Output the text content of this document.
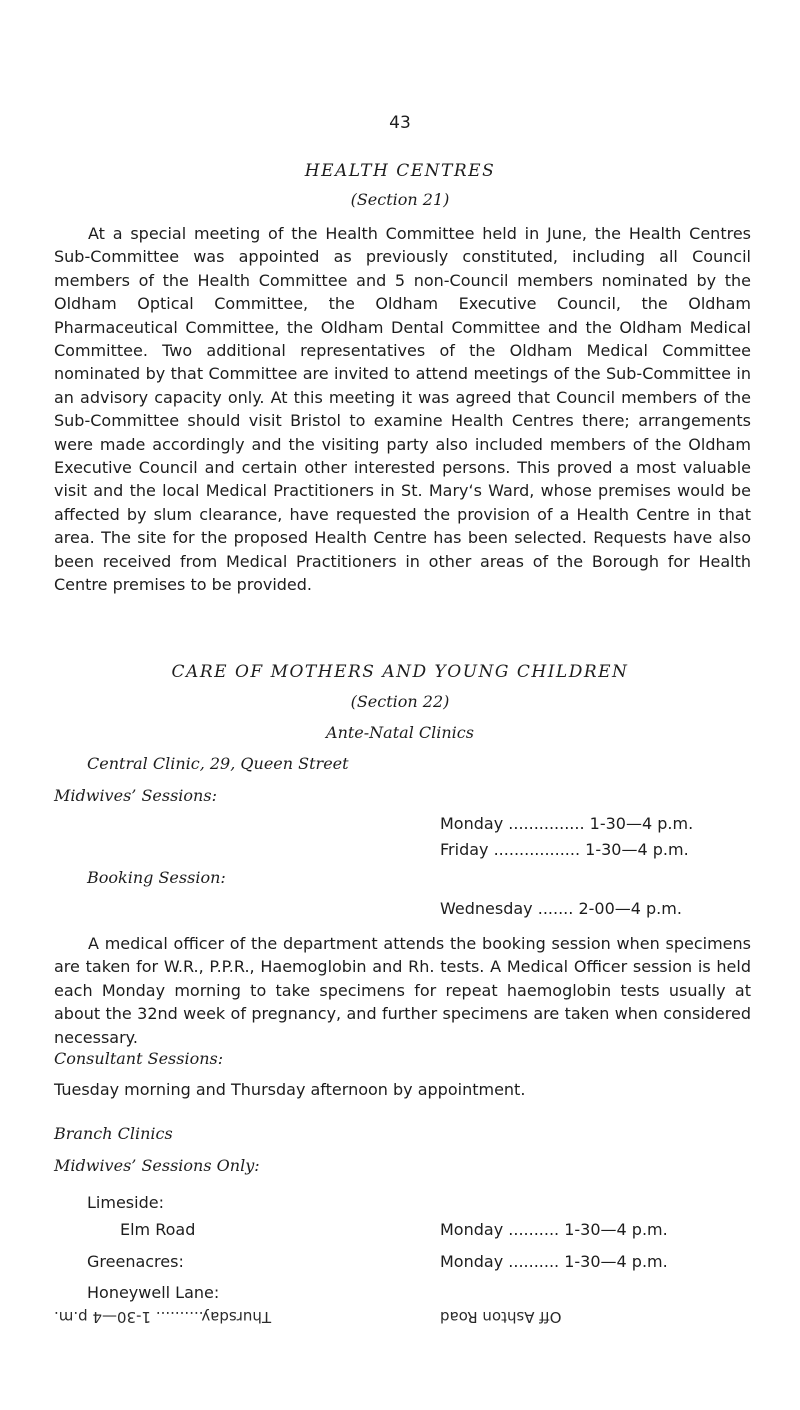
43
HEALTH CENTRES
(Section 21)

At a special meeting of the Health Committee held in June, the Health Centres Sub-Committee was appointed as previously constituted, including all Council members of the Health Committee and 5 non-Council members nominated by the Oldham Optical Committee, the Oldham Executive Council, the Oldham Pharmaceutical Committee, the Oldham Dental Committee and the Oldham Medical Committee. Two additional representatives of the Oldham Medical Committee nominated by that Committee are invited to attend meetings of the Sub-Committee in an advisory capacity only. At this meeting it was agreed that Council members of the Sub-Committee should visit Bristol to examine Health Centres there; arrangements were made accordingly and the visiting party also included members of the Oldham Executive Council and certain other interested persons. This proved a most valuable visit and the local Medical Practitioners in St. Mary‘s Ward, whose premises would be affected by slum clearance, have requested the provision of a Health Centre in that area. The site for the proposed Health Centre has been selected. Requests have also been received from Medical Practitioners in other areas of the Borough for Health Centre premises to be provided.

CARE OF MOTHERS AND YOUNG CHILDREN
(Section 22)
Ante-Natal Clinics
Central Clinic, 29, Queen Street
Midwives’ Sessions:
Monday ............... 1-30—4 p.m.
Friday ................. 1-30—4 p.m.
Booking Session:
Wednesday ....... 2-00—4 p.m.

A medical officer of the department attends the booking session when specimens are taken for W.R., P.P.R., Haemoglobin and Rh. tests. A Medical Officer session is held each Monday morning to take specimens for repeat haemoglobin tests usually at about the 32nd week of pregnancy, and further specimens are taken when considered necessary.

Consultant Sessions:
Tuesday morning and Thursday afternoon by appointment.
Branch Clinics
Midwives’ Sessions Only:
Limeside:
Elm Road	Monday .......... 1-30—4 p.m.
Greenacres:	Monday .......... 1-30—4 p.m.
Honeywell Lane:
Thursday.......... 1-30—4 p.m.	Off Ashton Road
